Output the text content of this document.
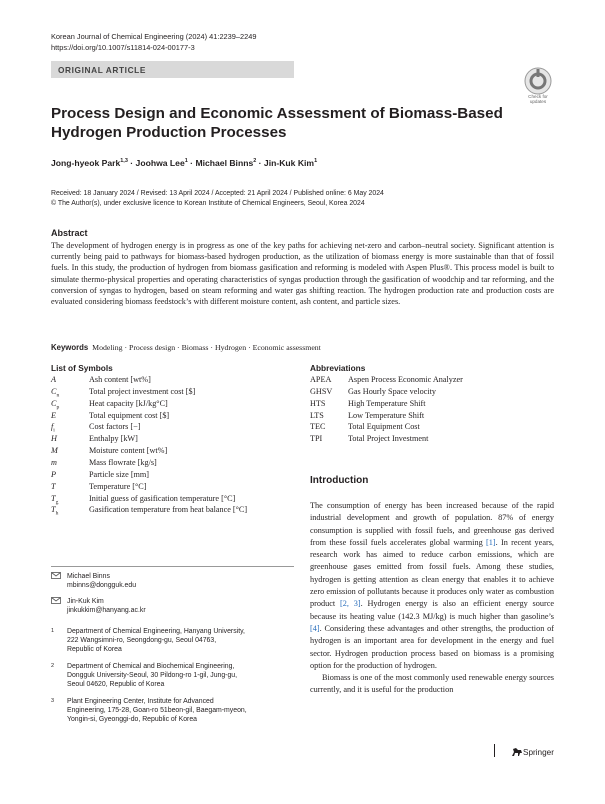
Korean Journal of Chemical Engineering (2024) 41:2239–2249
https://doi.org/10.1007/s11814-024-00177-3
ORIGINAL ARTICLE
Check for updates
Process Design and Economic Assessment of Biomass-Based Hydrogen Production Processes
Jong-hyeok Park$^{1,3}$ · Joohwa Lee$^1$ · Michael Binns$^2$ · Jin-Kuk Kim$^1$
Received: 18 January 2024 / Revised: 13 April 2024 / Accepted: 21 April 2024 / Published online: 6 May 2024
© The Author(s), under exclusive licence to Korean Institute of Chemical Engineers, Seoul, Korea 2024
Abstract

The development of hydrogen energy is in progress as one of the key paths for achieving net-zero and carbon–neutral society. Significant attention is currently being paid to pathways for biomass-based hydrogen production, as the utilization of biomass energy is more sustainable than that of fossil fuels. In this study, the production of hydrogen from biomass gasification and reforming is modeled with Aspen Plus®. This process model is built to simulate thermo-physical properties and operating characteristics of syngas production through the gasification of woodchip and tar reforming, and the conversion of syngas to hydrogen, based on steam reforming and water gas shifting reaction. The hydrogen production rate and production costs are evaluated considering biomass feedstock’s with different moisture content, ash content, and particle sizes.

Keywords Modeling · Process design · Biomass · Hydrogen · Economic assessment
List of Symbols
A	Ash content [wt%]
$C_n$	Total project investment cost [$]
$C_p$	Heat capacity [kJ/kg°C]
E	Total equipment cost [$]
$f_i$	Cost factors [−]
H	Enthalpy [kW]
M	Moisture content [wt%]
m	Mass flowrate [kg/s]
P	Particle size [mm]
T	Temperature [°C]
$T_g$	Initial guess of gasification temperature [°C]
$T_h$	Gasification temperature from heat balance [°C]
Abbreviations
APEA Aspen Process Economic Analyzer
GHSV Gas Hourly Space velocity
HTS	High Temperature Shift
LTS	Low Temperature Shift
TEC	Total Equipment Cost
TPI	Total Project Investment
Introduction

The consumption of energy has been increased because of the rapid industrial development and growth of population. 87% of energy consumption is supplied with fossil fuels, and greenhouse gas derived from these fossil fuels accelerates global warming [1]. In recent years, research work has aimed to reduce carbon emissions, which are greenhouse gases emitted from fossil fuels. Among these studies, hydrogen is getting attention as clean energy that enables it to achieve zero emission of pollutants because it produces only water as combustion product [2, 3]. Hydrogen energy is also an efficient energy source because its heating value (142.3 MJ/kg) is much higher than gasoline’s [4]. Considering these advantages and other strengths, the production of hydrogen is an important area for development in the energy and fuel sector. Hydrogen production process based on biomass is a promising option for the production of hydrogen.

Biomass is one of the most commonly used renewable energy sources currently, and it is useful for the production

Michael Binns
mbinns@dongguk.edu
Jin-Kuk Kim
jinkukkim@hanyang.ac.kr
1 Department of Chemical Engineering, Hanyang University,
222 Wangsimni-ro, Seongdong-gu, Seoul 04763,
Republic of Korea
2 Department of Chemical and Biochemical Engineering,
Dongguk University-Seoul, 30 Pildong-ro 1-gil, Jung-gu,
Seoul 04620, Republic of Korea
3 Plant Engineering Center, Institute for Advanced
Engineering, 175-28, Goan-ro 51beon-gil, Baegam-myeon,
Yongin-si, Gyeonggi-do, Republic of Korea
Springer
